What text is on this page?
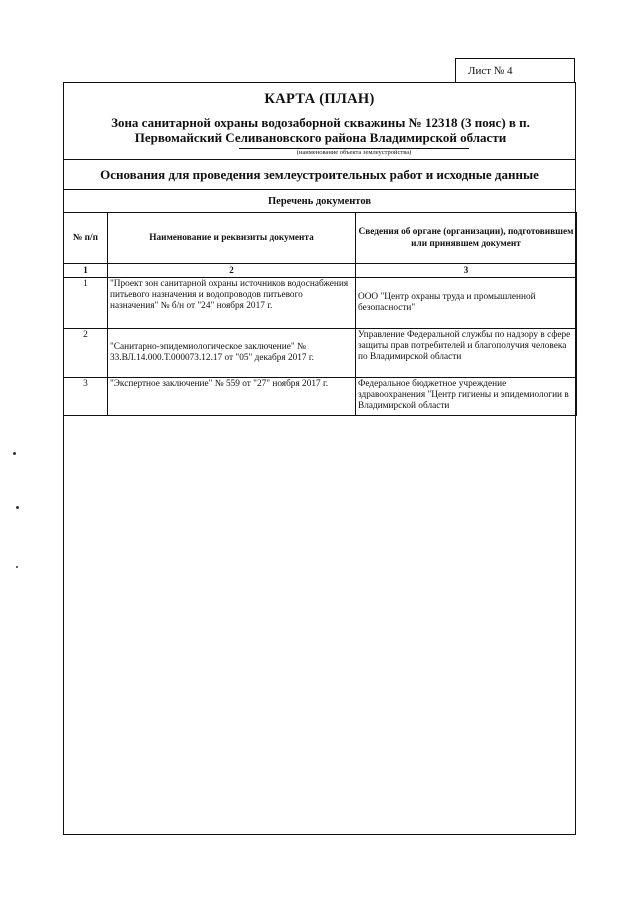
Лист № 4
КАРТА (ПЛАН)
Зона санитарной охраны водозаборной скважины № 12318 (3 пояс) в п. Первомайский Селивановского района Владимирской области
(наименование объекта землеустройства)
Основания для проведения землеустроительных работ и исходные данные
Перечень документов
№ п/п	Наименование и реквизиты документа	Сведения об органе (организации), подготовившем или принявшем документ
1	2	3
1	"Проект зон санитарной охраны источников водоснабжения питьевого назначения и водопроводов питьевого назначения" № б/н от "24" ноября 2017 г.	ООО "Центр охраны труда и промышленной безопасности"
2	"Санитарно-эпидемиологическое заключение" № 33.ВЛ.14.000.Т.000073.12.17 от "05" декабря 2017 г.	Управление Федеральной службы по надзору в сфере защиты прав потребителей и благополучия человека по Владимирской области
3	"Экспертное заключение" № 559 от "27" ноября 2017 г.	Федеральное бюджетное учреждение здравоохранения "Центр гигиены и эпидемиологии в Владимирской области
